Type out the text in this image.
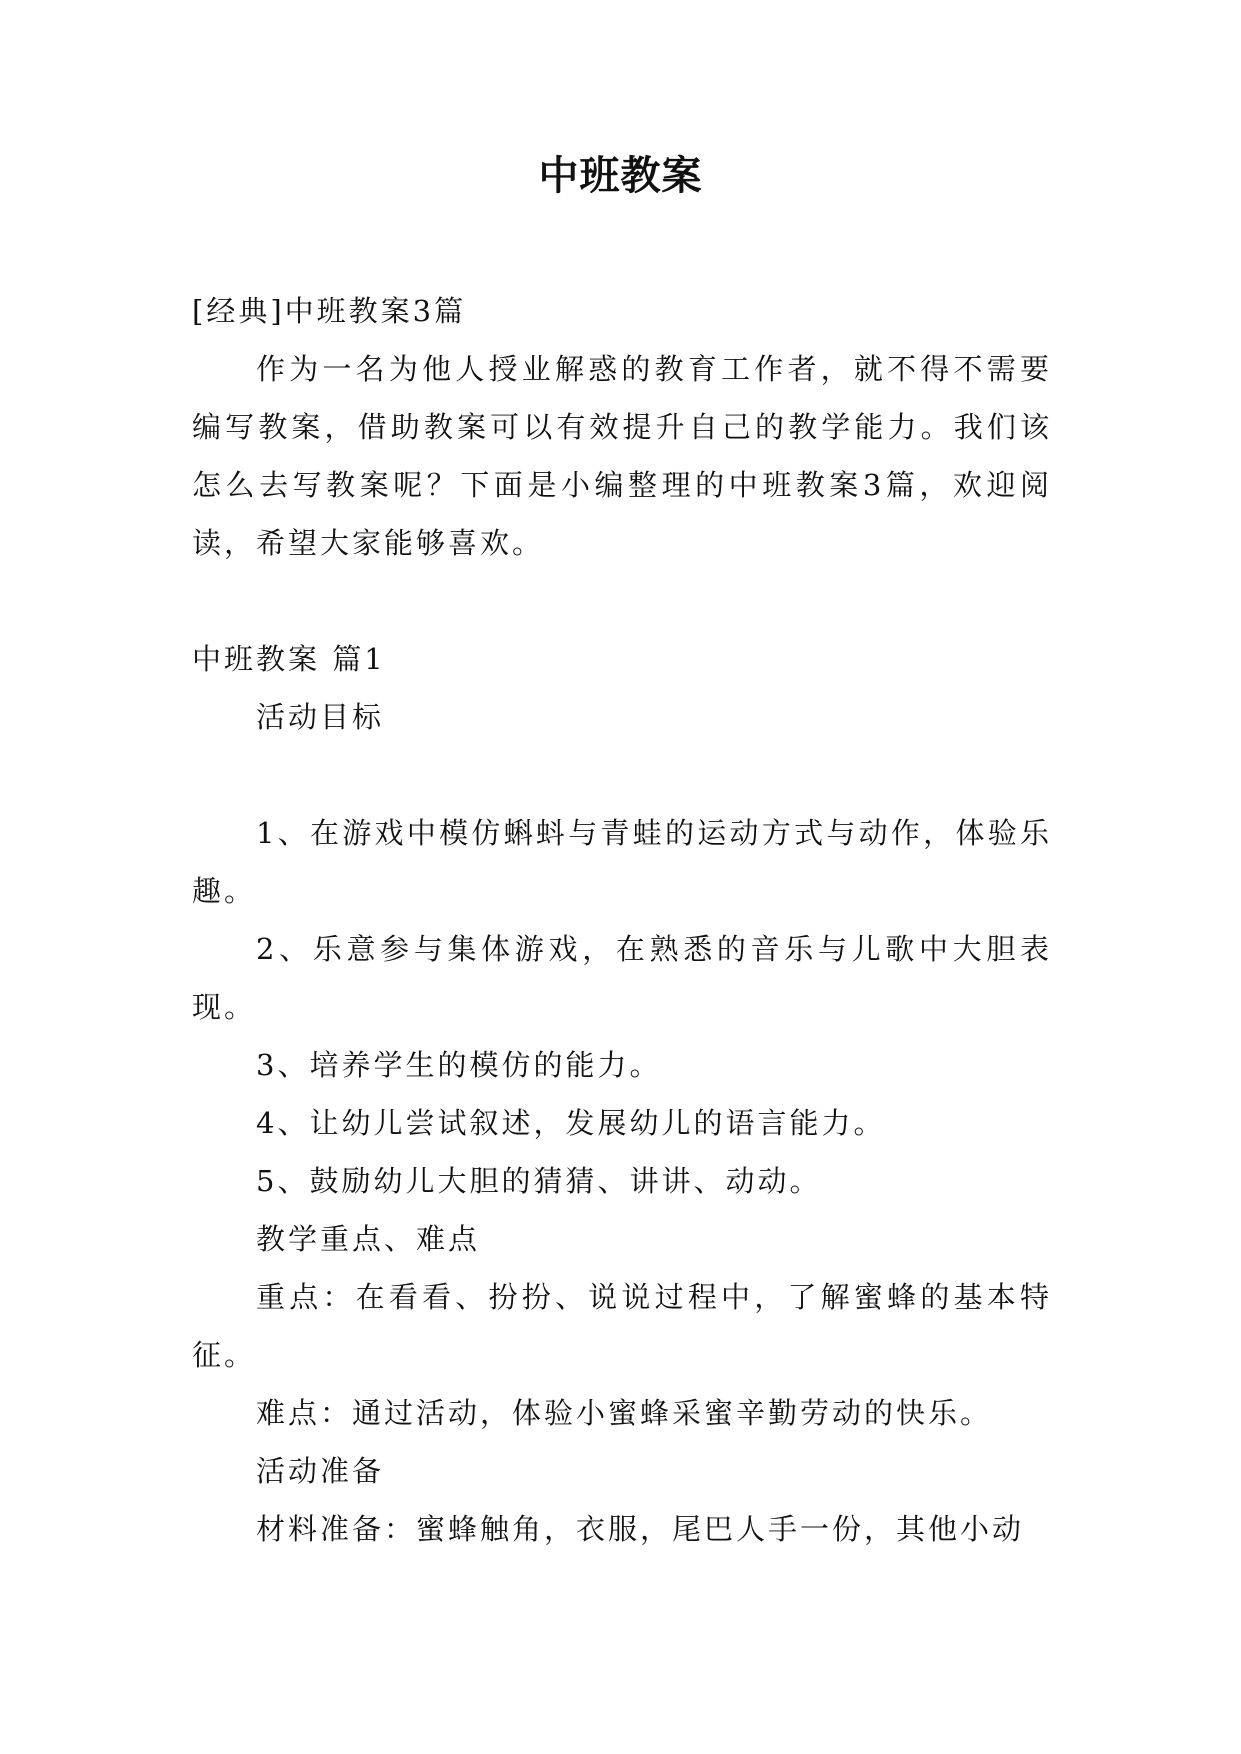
中班教案

[经典]中班教案3篇

作为一名为他人授业解惑的教育工作者，就不得不需要编写教案，借助教案可以有效提升自己的教学能力。我们该怎么去写教案呢？下面是小编整理的中班教案3篇，欢迎阅读，希望大家能够喜欢。

中班教案 篇1

活动目标

1、在游戏中模仿蝌蚪与青蛙的运动方式与动作，体验乐趣。

2、乐意参与集体游戏，在熟悉的音乐与儿歌中大胆表现。

3、培养学生的模仿的能力。

4、让幼儿尝试叙述，发展幼儿的语言能力。

5、鼓励幼儿大胆的猜猜、讲讲、动动。

教学重点、难点

重点：在看看、扮扮、说说过程中，了解蜜蜂的基本特征。

难点：通过活动，体验小蜜蜂采蜜辛勤劳动的快乐。

活动准备

材料准备：蜜蜂触角，衣服，尾巴人手一份，其他小动
